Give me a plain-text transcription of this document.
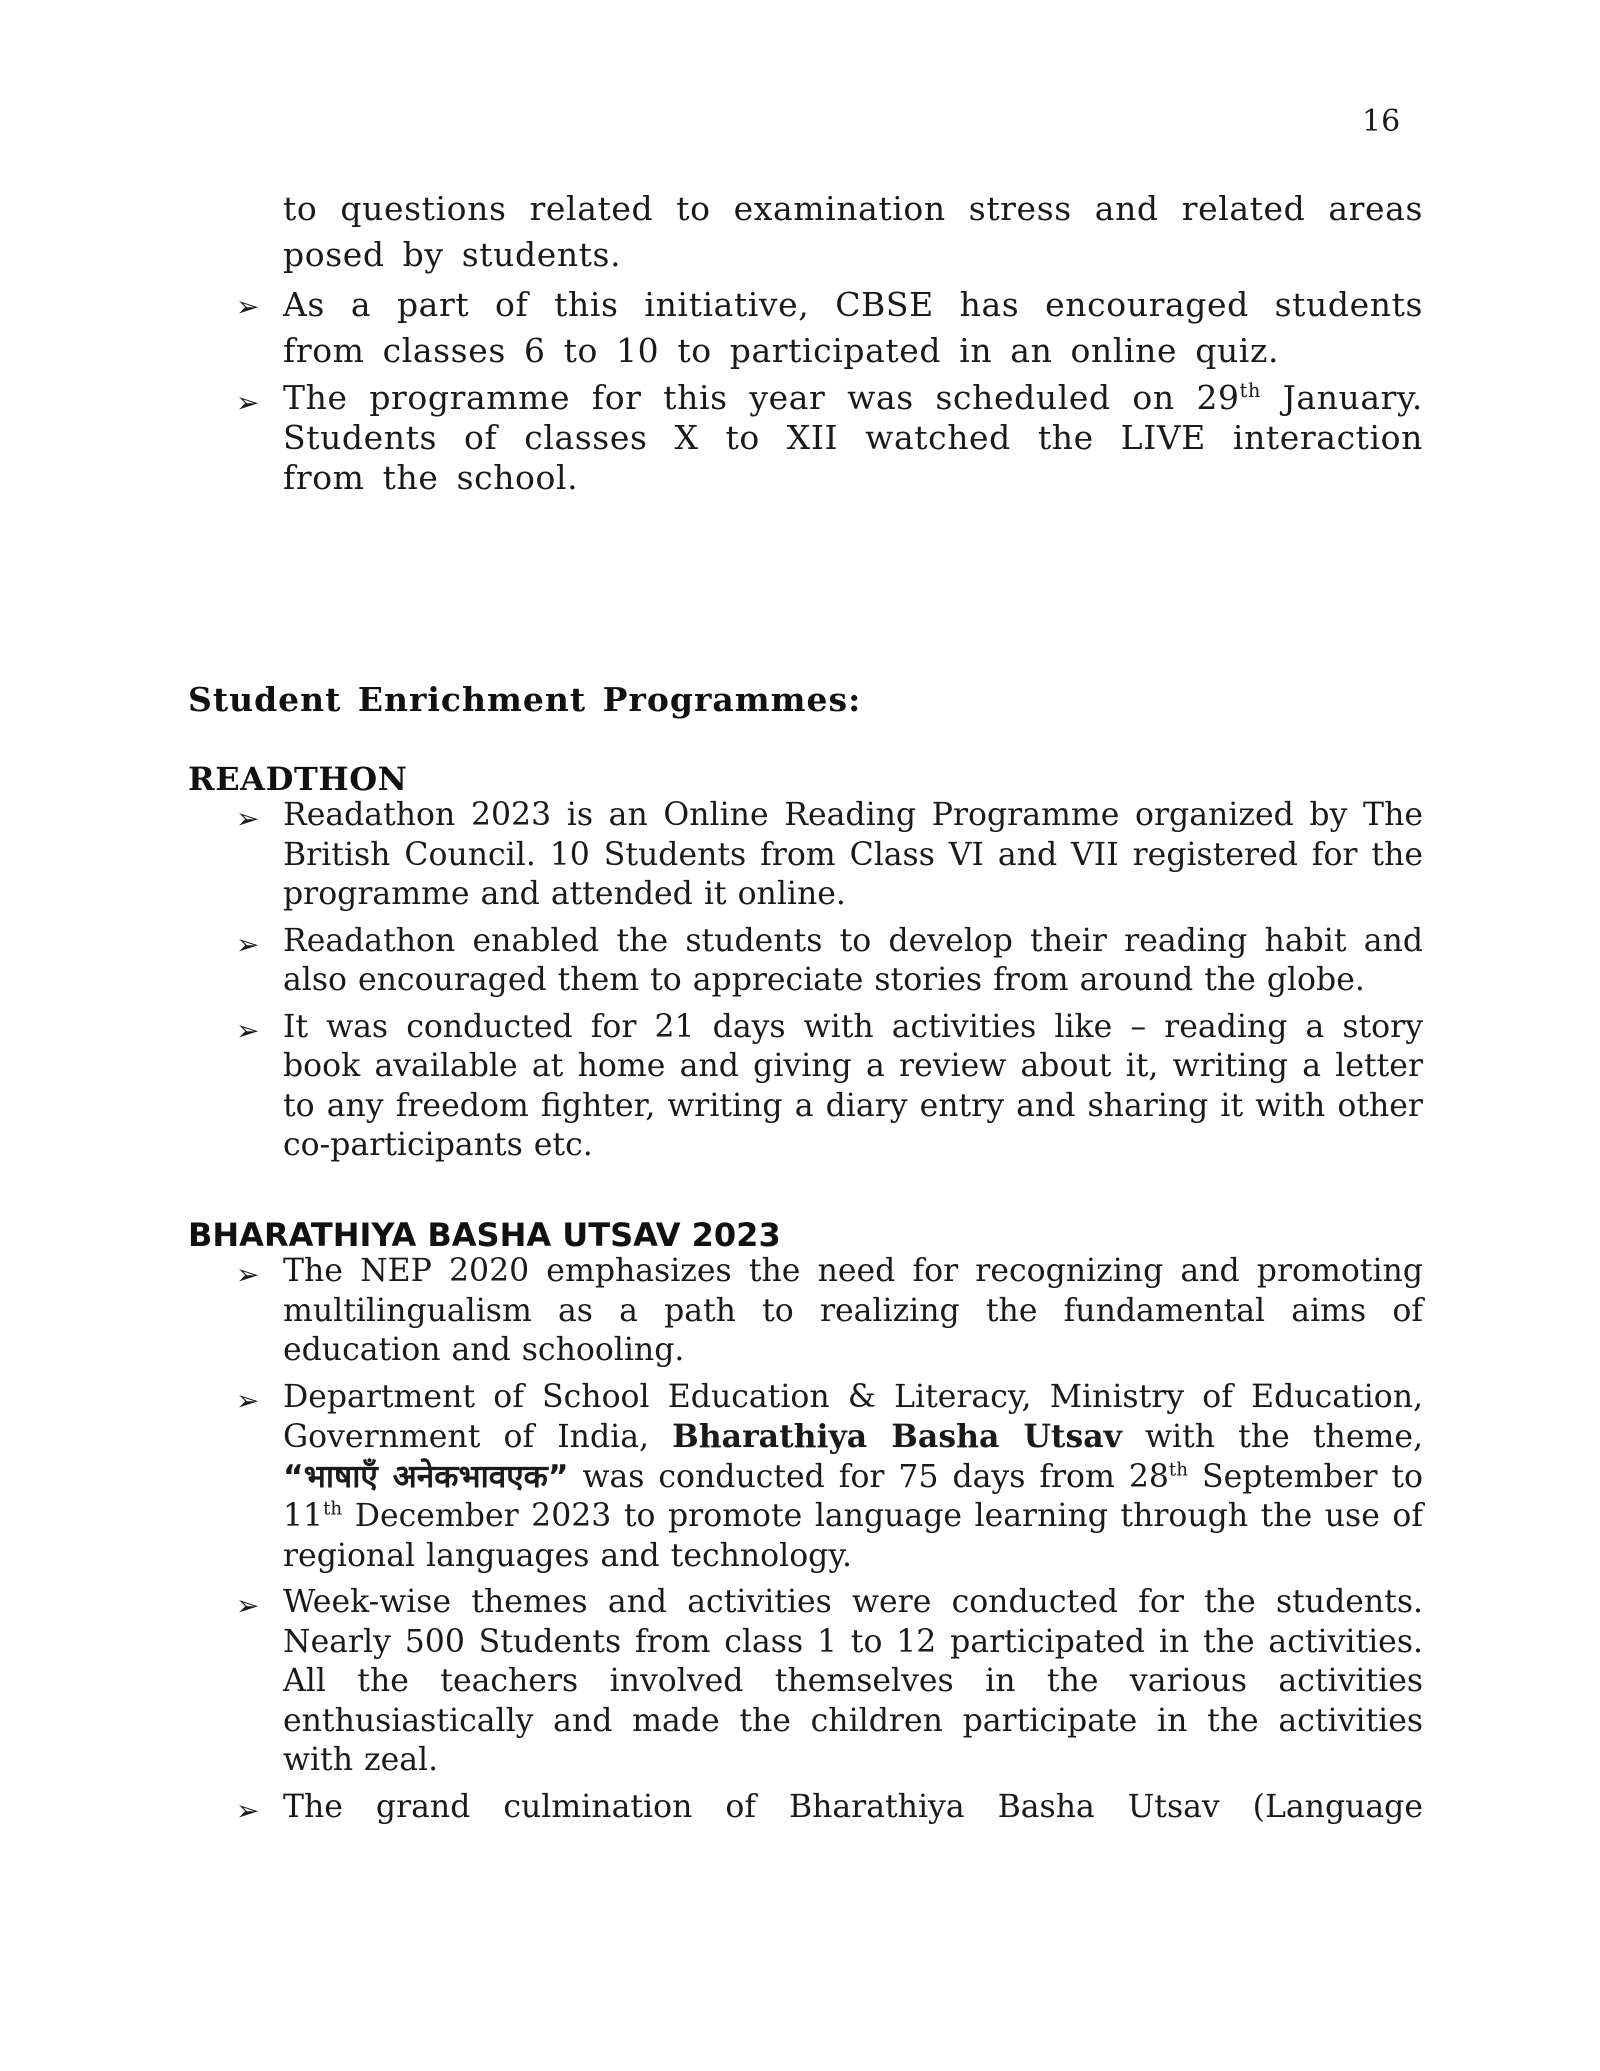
16
to questions related to examination stress and related areas posed by students.
➢ As a part of this initiative, CBSE has encouraged students from classes 6 to 10 to participated in an online quiz.
➢ The programme for this year was scheduled on 29th January. Students of classes X to XII watched the LIVE interaction from the school.
Student Enrichment Programmes:
READTHON
➢ Readathon 2023 is an Online Reading Programme organized by The British Council. 10 Students from Class VI and VII registered for the programme and attended it online.
➢ Readathon enabled the students to develop their reading habit and also encouraged them to appreciate stories from around the globe.
➢ It was conducted for 21 days with activities like – reading a story book available at home and giving a review about it, writing a letter to any freedom fighter, writing a diary entry and sharing it with other co-participants etc.
BHARATHIYA BASHA UTSAV 2023
➢ The NEP 2020 emphasizes the need for recognizing and promoting multilingualism as a path to realizing the fundamental aims of education and schooling.
➢ Department of School Education & Literacy, Ministry of Education, Government of India, Bharathiya Basha Utsav with the theme, “भाषाएँ अनेकभावएक” was conducted for 75 days from 28th September to 11th December 2023 to promote language learning through the use of regional languages and technology.
➢ Week-wise themes and activities were conducted for the students. Nearly 500 Students from class 1 to 12 participated in the activities. All the teachers involved themselves in the various activities enthusiastically and made the children participate in the activities with zeal.
➢ The grand culmination of Bharathiya Basha Utsav (Language
